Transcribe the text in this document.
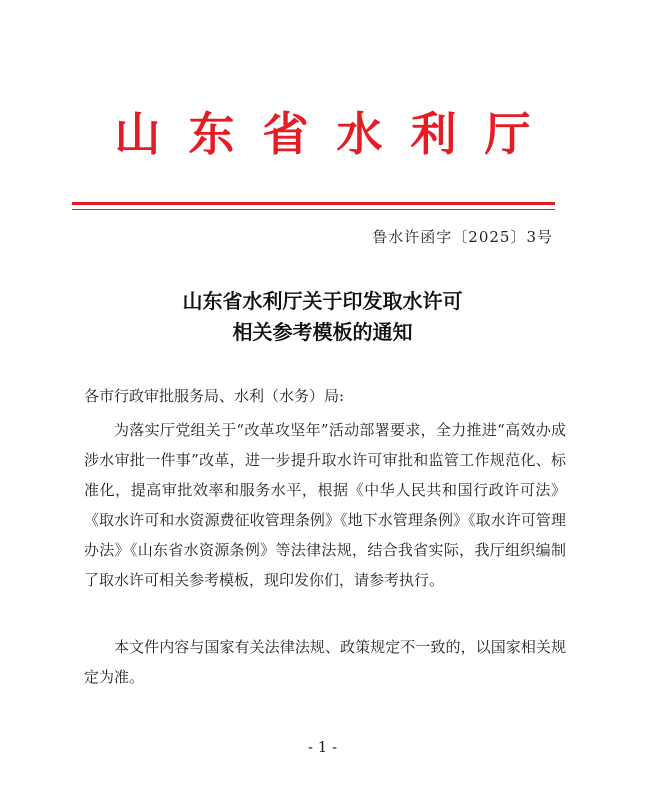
山东省水利厅
鲁水许函字〔2025〕3号
山东省水利厅关于印发取水许可
相关参考模板的通知
各市行政审批服务局、水利（水务）局:
为落实厅党组关于“改革攻坚年”活动部署要求，全力推进“高效办成涉水审批一件事”改革，进一步提升取水许可审批和监管工作规范化、标准化，提高审批效率和服务水平，根据《中华人民共和国行政许可法》《取水许可和水资源费征收管理条例》《地下水管理条例》《取水许可管理办法》《山东省水资源条例》等法律法规，结合我省实际，我厅组织编制了取水许可相关参考模板，现印发你们，请参考执行。
本文件内容与国家有关法律法规、政策规定不一致的，以国家相关规定为准。
- 1 -
